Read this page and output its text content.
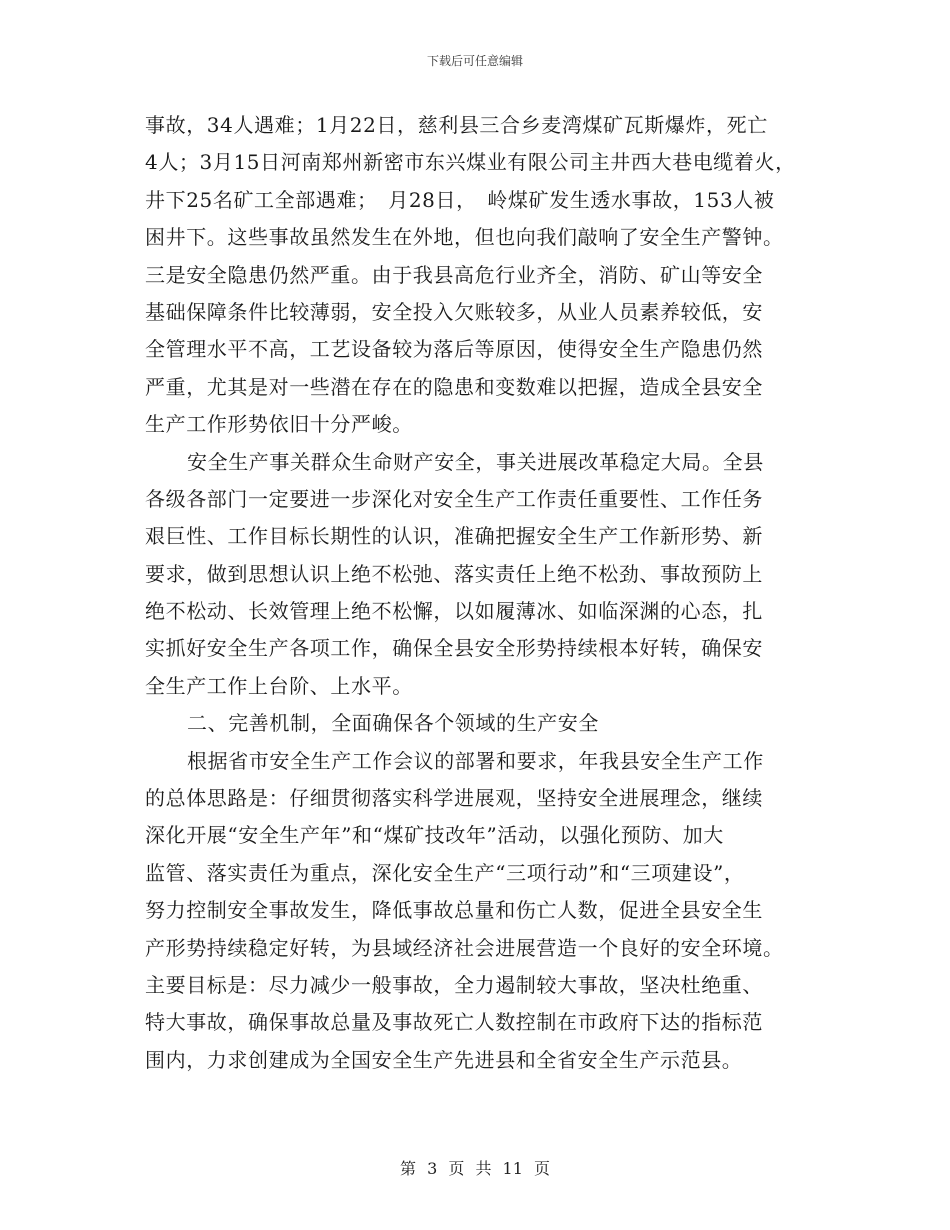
下载后可任意编辑
事故，34人遇难；1月22日，慈利县三合乡麦湾煤矿瓦斯爆炸，死亡
4人；3月15日河南郑州新密市东兴煤业有限公司主井西大巷电缆着火，
井下25名矿工全部遇难；　月28日，　岭煤矿发生透水事故，153人被
困井下。这些事故虽然发生在外地，但也向我们敲响了安全生产警钟。
三是安全隐患仍然严重。由于我县高危行业齐全，消防、矿山等安全
基础保障条件比较薄弱，安全投入欠账较多，从业人员素养较低，安
全管理水平不高，工艺设备较为落后等原因，使得安全生产隐患仍然
严重，尤其是对一些潜在存在的隐患和变数难以把握，造成全县安全
生产工作形势依旧十分严峻。
安全生产事关群众生命财产安全，事关进展改革稳定大局。全县
各级各部门一定要进一步深化对安全生产工作责任重要性、工作任务
艰巨性、工作目标长期性的认识，准确把握安全生产工作新形势、新
要求，做到思想认识上绝不松弛、落实责任上绝不松劲、事故预防上
绝不松动、长效管理上绝不松懈，以如履薄冰、如临深渊的心态，扎
实抓好安全生产各项工作，确保全县安全形势持续根本好转，确保安
全生产工作上台阶、上水平。
二、完善机制，全面确保各个领域的生产安全
根据省市安全生产工作会议的部署和要求，年我县安全生产工作
的总体思路是：仔细贯彻落实科学进展观，坚持安全进展理念，继续
深化开展“安全生产年”和“煤矿技改年”活动，以强化预防、加大
监管、落实责任为重点，深化安全生产“三项行动”和“三项建设”，
努力控制安全事故发生，降低事故总量和伤亡人数，促进全县安全生
产形势持续稳定好转，为县域经济社会进展营造一个良好的安全环境。
主要目标是：尽力减少一般事故，全力遏制较大事故，坚决杜绝重、
特大事故，确保事故总量及事故死亡人数控制在市政府下达的指标范
围内，力求创建成为全国安全生产先进县和全省安全生产示范县。
第 3 页 共 11 页
